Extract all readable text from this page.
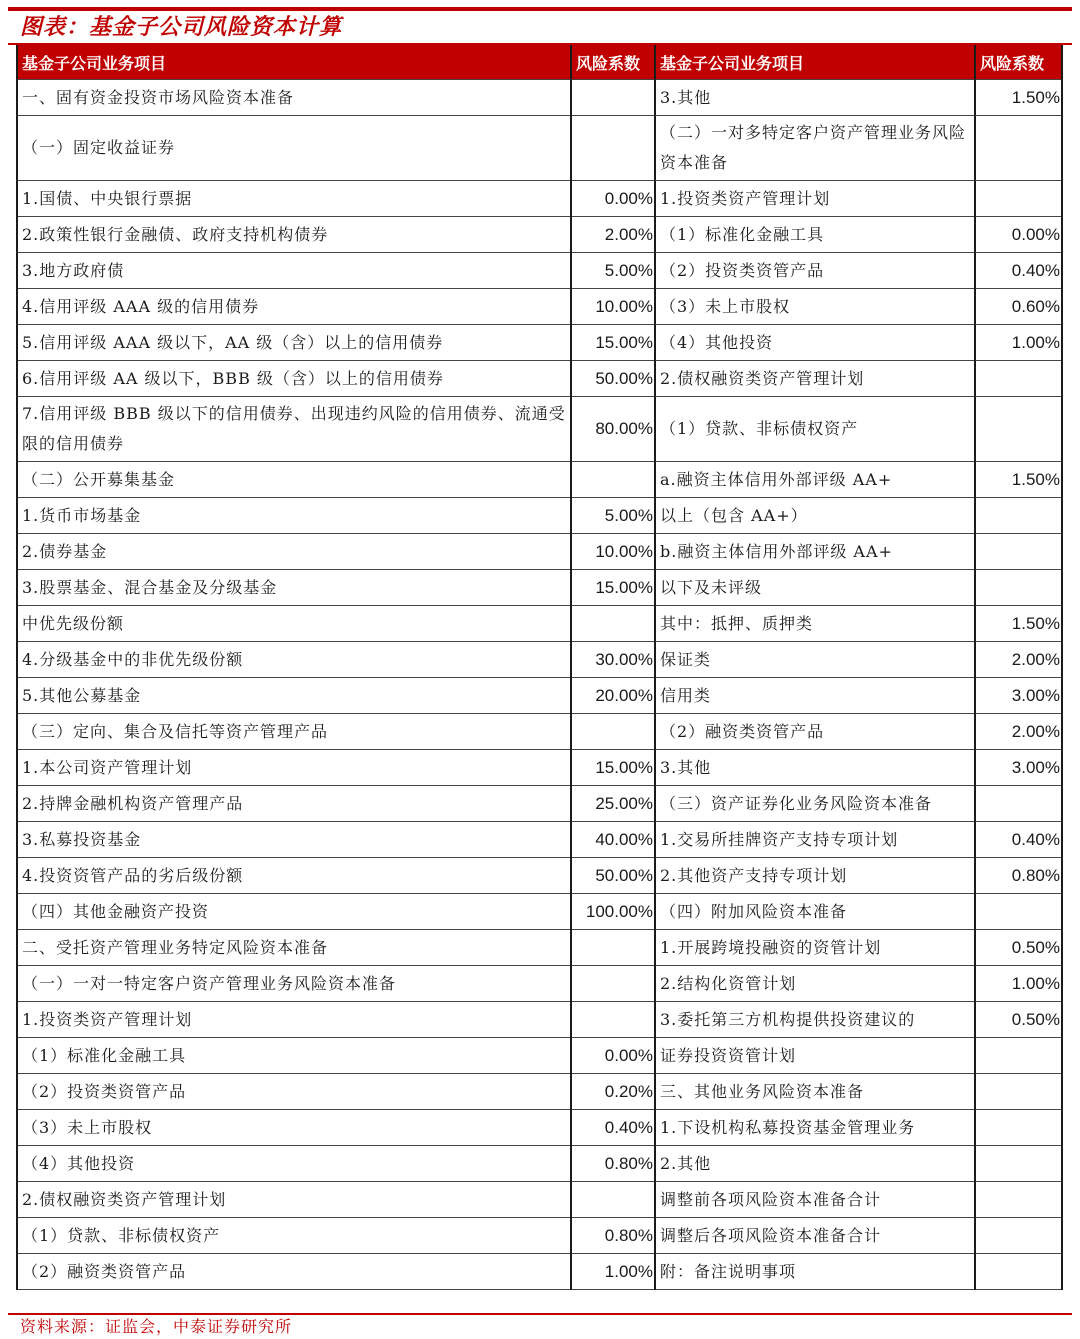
图表：基金子公司风险资本计算
基金子公司业务项目	风险系数	基金子公司业务项目	风险系数
一、固有资金投资市场风险资本准备		3.其他	1.50%
（一）固定收益证券		（二）一对多特定客户资产管理业务风险资本准备	
1.国债、中央银行票据	0.00%	1.投资类资产管理计划	
2.政策性银行金融债、政府支持机构债券	2.00%	（1）标准化金融工具	0.00%
3.地方政府债	5.00%	（2）投资类资管产品	0.40%
4.信用评级 AAA 级的信用债券	10.00%	（3）未上市股权	0.60%
5.信用评级 AAA 级以下，AA 级（含）以上的信用债券	15.00%	（4）其他投资	1.00%
6.信用评级 AA 级以下，BBB 级（含）以上的信用债券	50.00%	2.债权融资类资产管理计划	
7.信用评级 BBB 级以下的信用债券、出现违约风险的信用债券、流通受限的信用债券	80.00%	（1）贷款、非标债权资产	
（二）公开募集基金		a.融资主体信用外部评级 AA+	1.50%
1.货币市场基金	5.00%	以上（包含 AA+）	
2.债券基金	10.00%	b.融资主体信用外部评级 AA+	
3.股票基金、混合基金及分级基金	15.00%	以下及未评级	
中优先级份额		其中：抵押、质押类	1.50%
4.分级基金中的非优先级份额	30.00%	保证类	2.00%
5.其他公募基金	20.00%	信用类	3.00%
（三）定向、集合及信托等资产管理产品		（2）融资类资管产品	2.00%
1.本公司资产管理计划	15.00%	3.其他	3.00%
2.持牌金融机构资产管理产品	25.00%	（三）资产证券化业务风险资本准备	
3.私募投资基金	40.00%	1.交易所挂牌资产支持专项计划	0.40%
4.投资资管产品的劣后级份额	50.00%	2.其他资产支持专项计划	0.80%
（四）其他金融资产投资	100.00%	（四）附加风险资本准备	
二、受托资产管理业务特定风险资本准备		1.开展跨境投融资的资管计划	0.50%
（一）一对一特定客户资产管理业务风险资本准备		2.结构化资管计划	1.00%
1.投资类资产管理计划		3.委托第三方机构提供投资建议的	0.50%
（1）标准化金融工具	0.00%	证券投资资管计划	
（2）投资类资管产品	0.20%	三、其他业务风险资本准备	
（3）未上市股权	0.40%	1.下设机构私募投资基金管理业务	
（4）其他投资	0.80%	2.其他	
2.债权融资类资产管理计划		调整前各项风险资本准备合计	
（1）贷款、非标债权资产	0.80%	调整后各项风险资本准备合计	
（2）融资类资管产品	1.00%	附：备注说明事项	
资料来源：证监会，中泰证券研究所
